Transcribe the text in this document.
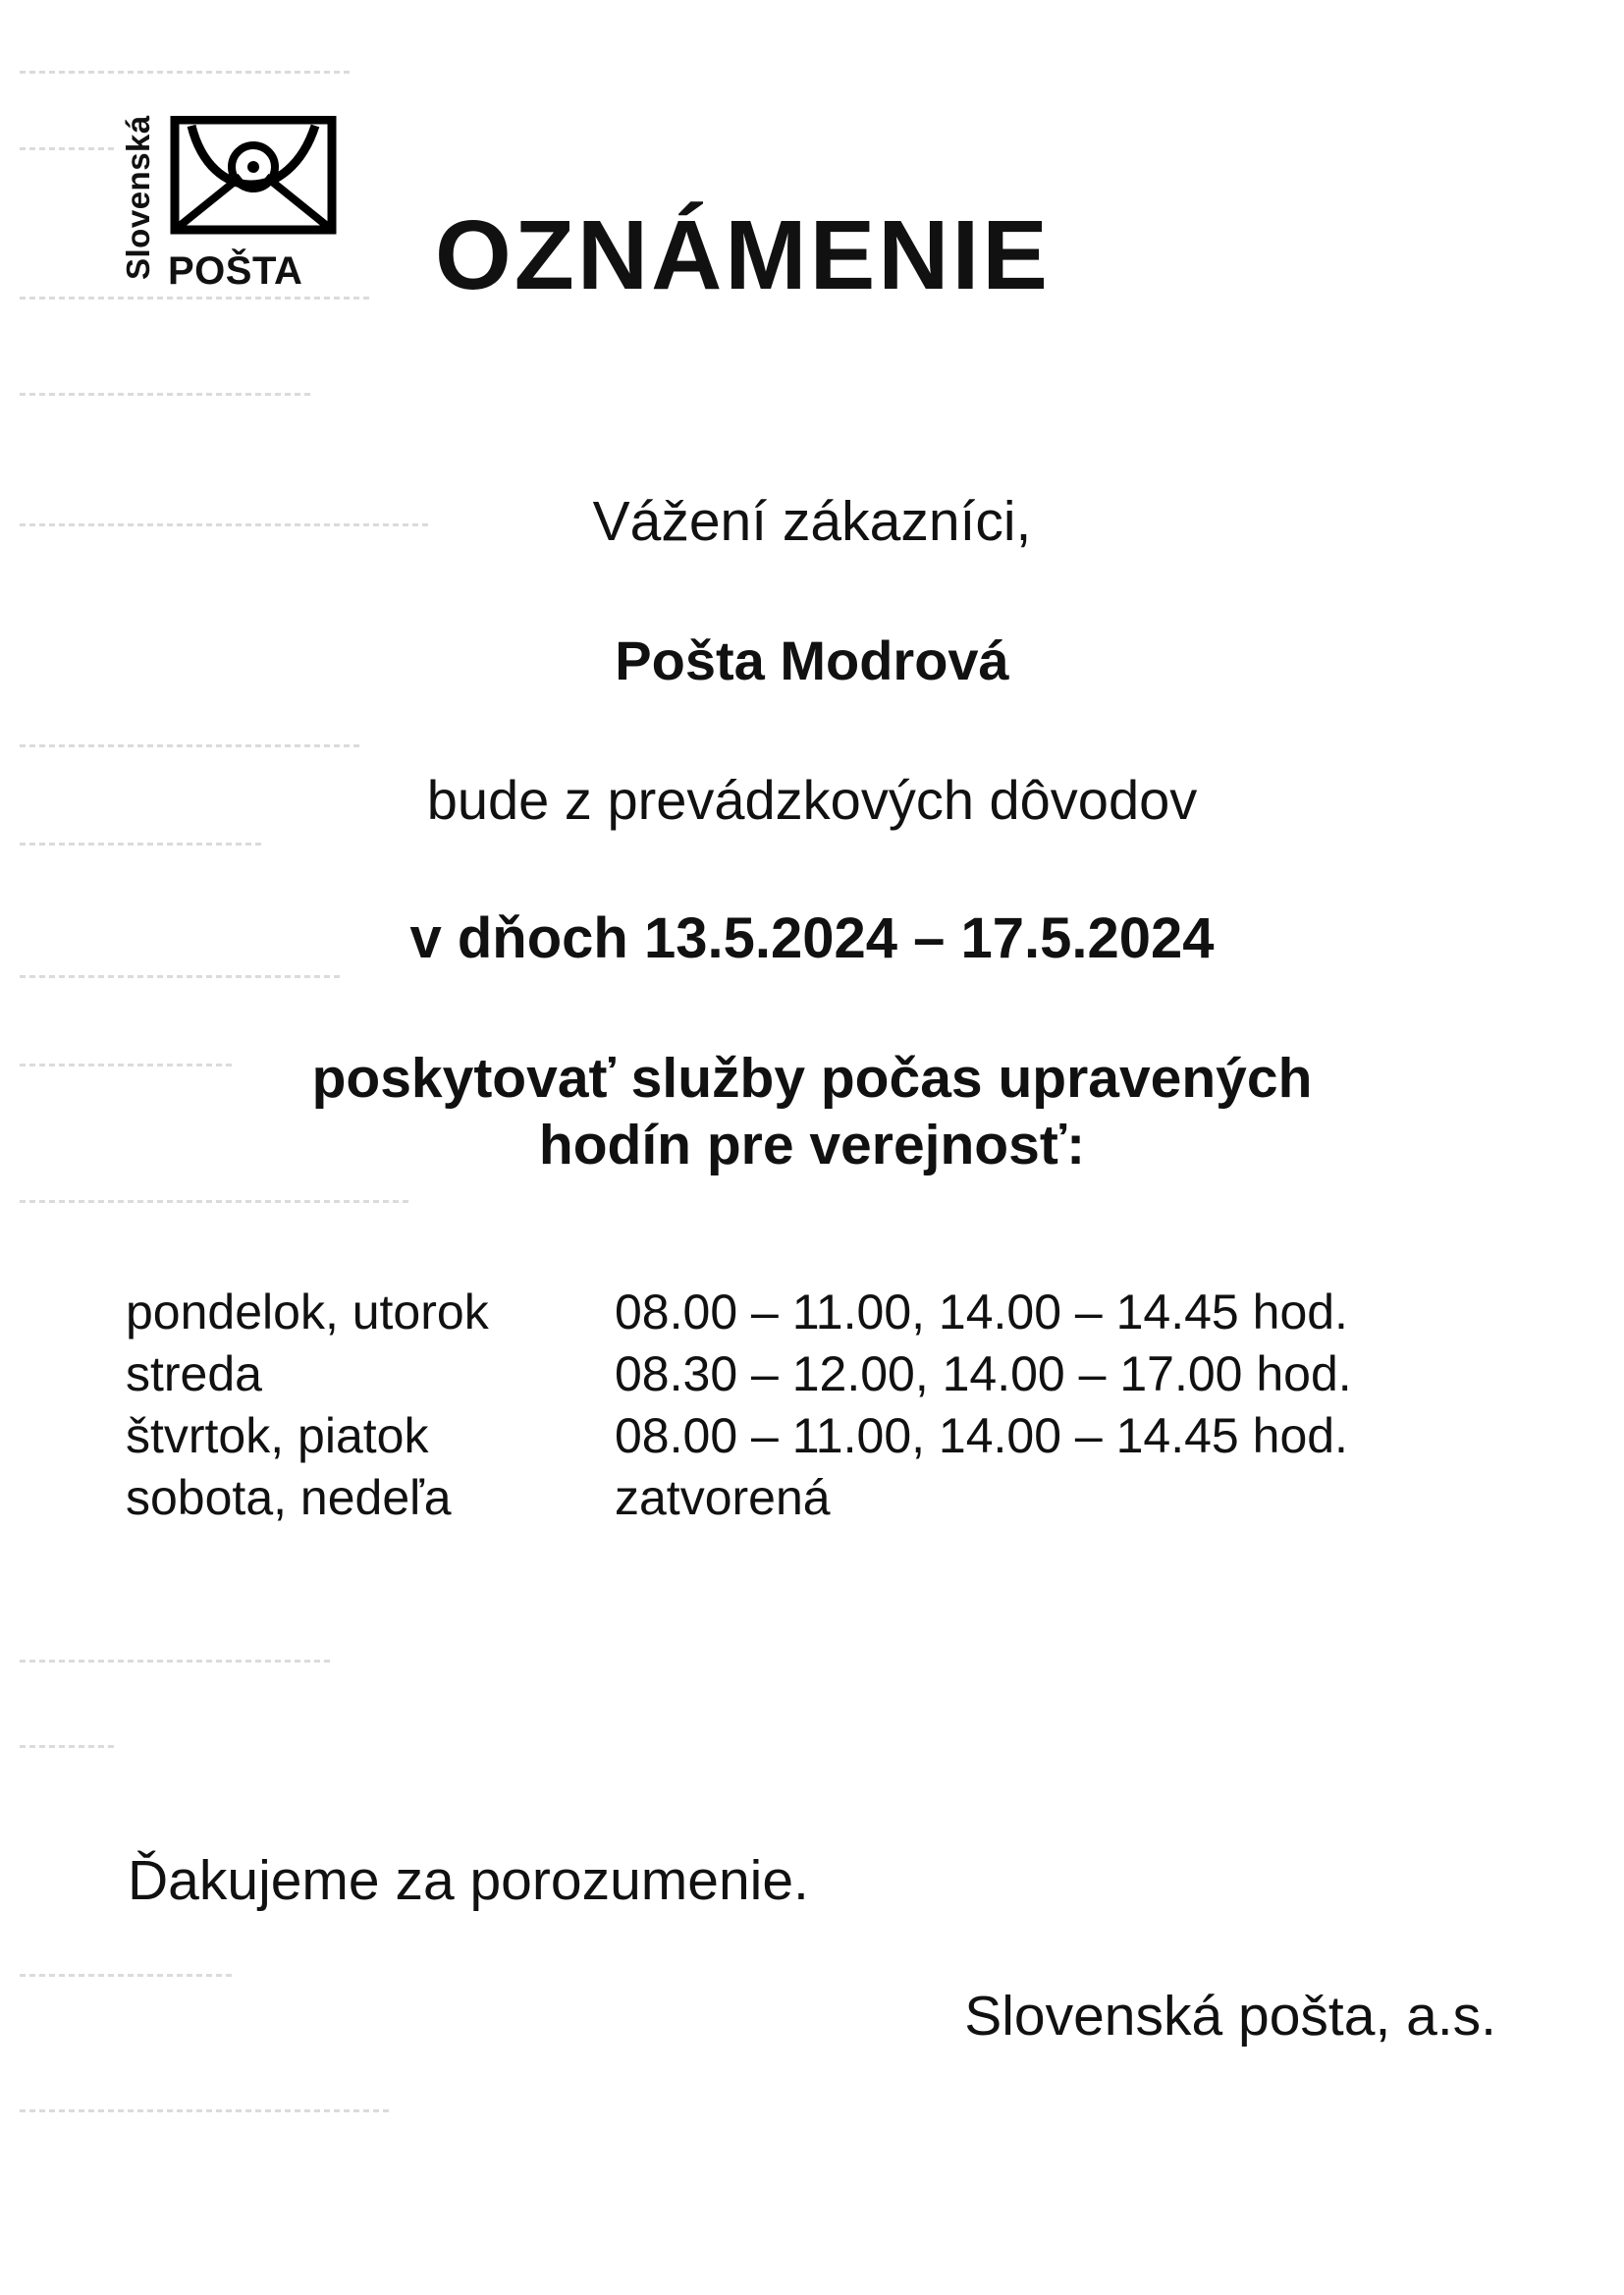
Slovenská POŠTA OZNÁMENIE
Vážení zákazníci,
Pošta Modrová
bude z prevádzkových dôvodov
v dňoch 13.5.2024 – 17.5.2024
poskytovať služby počas upravených
hodín pre verejnosť:
pondelok, utorok	08.00 – 11.00, 14.00 – 14.45 hod.
streda	08.30 – 12.00, 14.00 – 17.00 hod.
štvrtok, piatok	08.00 – 11.00, 14.00 – 14.45 hod.
sobota, nedeľa	zatvorená
Ďakujeme za porozumenie.
Slovenská pošta, a.s.
